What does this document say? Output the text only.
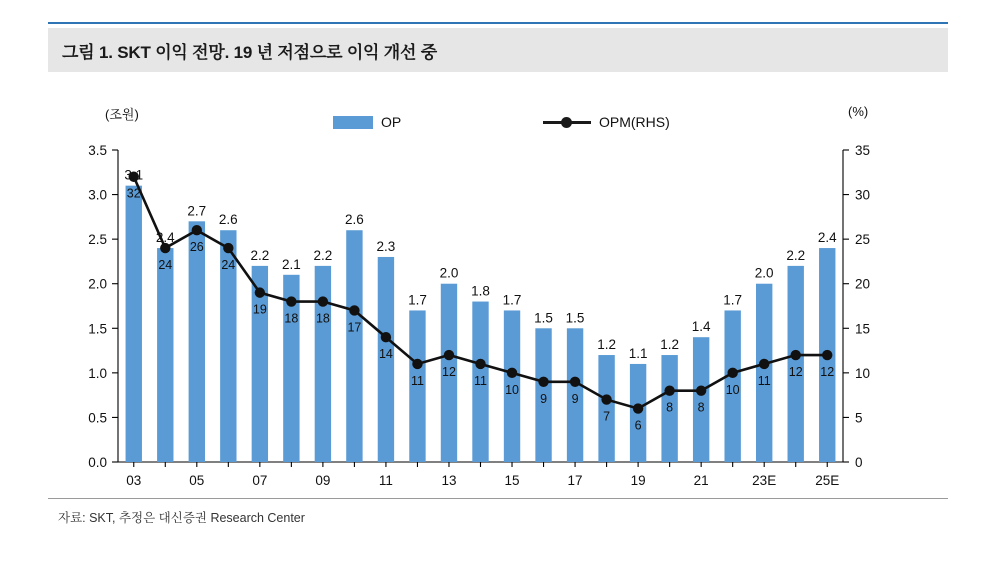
그림 1. SKT 이익 전망. 19 년 저점으로 이익 개선 중
(조원)	(%)
OP	OPM(RHS)
3.1
2.4
2.7
2.6
2.2
2.1
2.2
2.6
2.3
1.7
2.0
1.8
1.7
1.5 1.5
1.2
1.1
1.2
1.4
1.7
2.0
2.2
2.4
32
24
26
24
19
18 18
17
14
11
12
11
10
9 9
7
6
8 8
10
11
12 12
0.0
0.5
1.0
1.5
2.0
2.5
3.0
3.5
0
5
10
15
20
25
30
35
03	05	07	09	11	13	15	17	19	21	23E	25E
자료: SKT, 추정은 대신증권 Research Center
